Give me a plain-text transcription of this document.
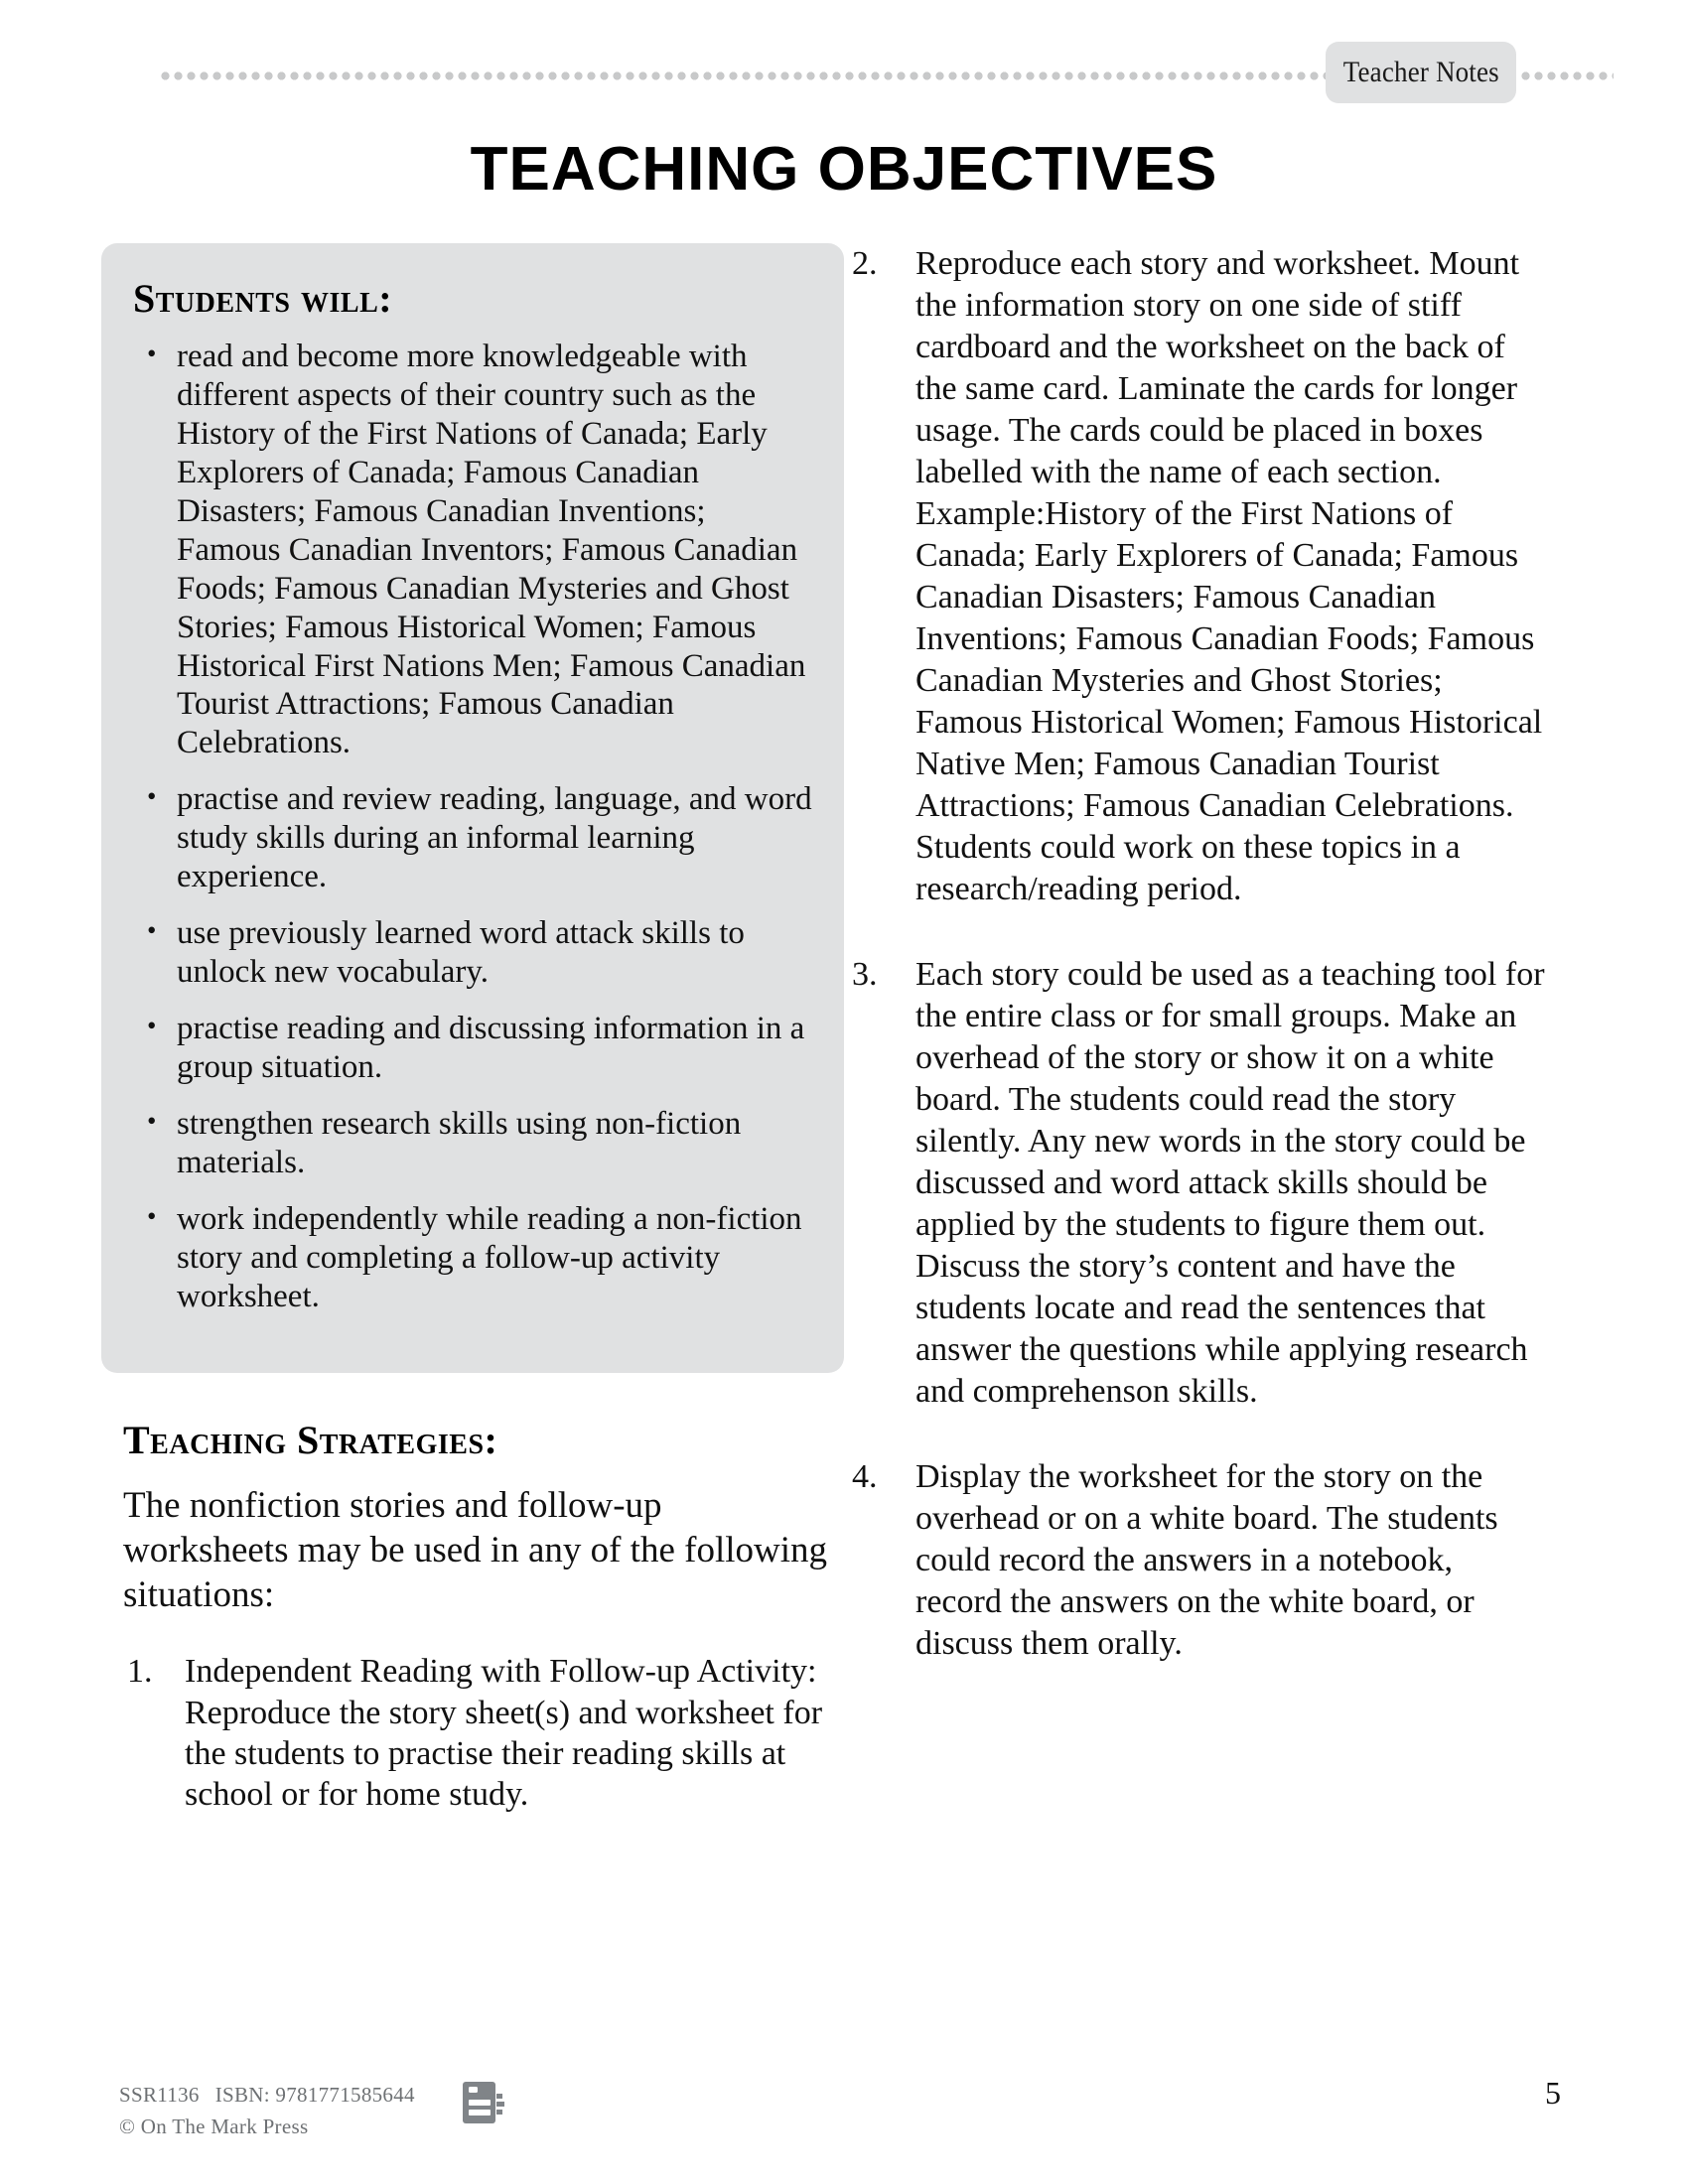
Teacher Notes
TEACHING OBJECTIVES
Students will:
• read and become more knowledgeable with different aspects of their country such as the History of the First Nations of Canada; Early Explorers of Canada; Famous Canadian Disasters; Famous Canadian Inventions; Famous Canadian Inventors; Famous Canadian Foods; Famous Canadian Mysteries and Ghost Stories; Famous Historical Women; Famous Historical First Nations Men; Famous Canadian Tourist Attractions; Famous Canadian Celebrations.
• practise and review reading, language, and word study skills during an informal learning experience.
• use previously learned word attack skills to unlock new vocabulary.
• practise reading and discussing information in a group situation.
• strengthen research skills using non-fiction materials.
• work independently while reading a non-fiction story and completing a follow-up activity worksheet.
Teaching Strategies:

The nonfiction stories and follow-up worksheets may be used in any of the following situations:

1. Independent Reading with Follow-up Activity: Reproduce the story sheet(s) and worksheet for the students to practise their reading skills at school or for home study.
2.	Reproduce each story and worksheet. Mount the information story on one side of stiff cardboard and the worksheet on the back of the same card. Laminate the cards for longer usage. The cards could be placed in boxes labelled with the name of each section. Example:History of the First Nations of Canada; Early Explorers of Canada; Famous Canadian Disasters; Famous Canadian Inventions; Famous Canadian Foods; Famous Canadian Mysteries and Ghost Stories; Famous Historical Women; Famous Historical Native Men; Famous Canadian Tourist Attractions; Famous Canadian Celebrations. Students could work on these topics in a research/reading period.
3.	Each story could be used as a teaching tool for the entire class or for small groups. Make an overhead of the story or show it on a white board. The students could read the story silently. Any new words in the story could be discussed and word attack skills should be applied by the students to figure them out. Discuss the story’s content and have the students locate and read the sentences that answer the questions while applying research and comprehenson skills.
4.	Display the worksheet for the story on the overhead or on a white board. The students could record the answers in a notebook, record the answers on the white board, or discuss them orally.
SSR1136 ISBN: 9781771585644
© On The Mark Press
5
